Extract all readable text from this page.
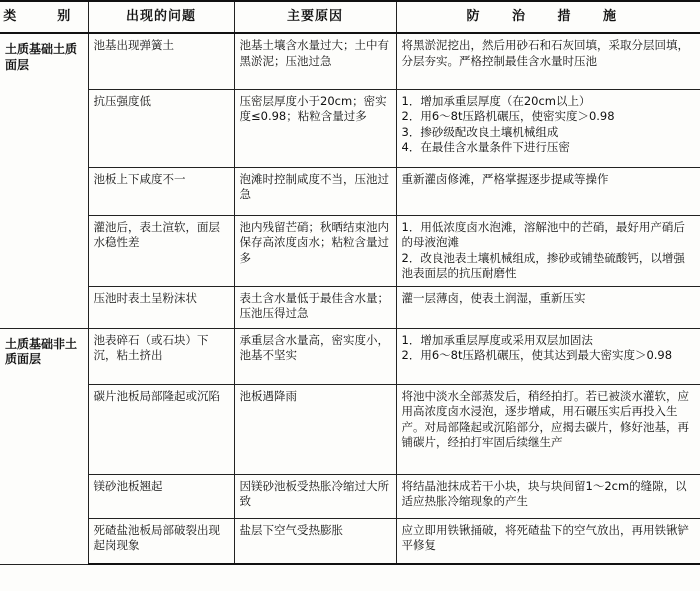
类　别	出现的问题	主要原因	防 治 措 施
土质基础土质面层	池基出现弹簧土	池基土壤含水量过大；土中有黑淤泥；压池过急	将黑淤泥挖出，然后用砂石和石灰回填，采取分层回填，分层夯实。严格控制最佳含水量时压池

	抗压强度低	压密层厚度小于20cm；密实度≤0.98；粘粒含量过多	1．增加承重层厚度（在20cm以上）
2．用6～8t压路机碾压，使密实度＞0.98
3．掺砂级配改良土壤机械组成
4．在最佳含水量条件下进行压密

	池板上下咸度不一	泡滩时控制咸度不当，压池过急	重新灌卤修滩，严格掌握逐步提咸等操作

	灌池后，表土渲软，面层水稳性差	池内残留芒硝；秋晒结束池内保存高浓度卤水；粘粒含量过多	1．用低浓度卤水泡滩，溶解池中的芒硝，最好用产硝后的母液泡滩
2．改良池表土壤机械组成，掺砂或铺垫硫酸钙，以增强池表面层的抗压耐磨性

	压池时表土呈粉沫状	表土含水量低于最佳含水量；压池压得过急	灌一层薄卤，使表土润湿，重新压实

土质基础非土质面层	池表碎石（或石块）下沉，粘土挤出	承重层含水量高，密实度小，池基不坚实	1．增加承重层厚度或采用双层加固法
2．用6～8t压路机碾压，使其达到最大密实度＞0.98

	碳片池板局部隆起或沉陷	池板遇降雨	将池中淡水全部蒸发后，稍经拍打。若已被淡水灌软，应用高浓度卤水浸泡，逐步增咸，用石碾压实后再投入生产。对局部隆起或沉陷部分，应揭去碳片，修好池基，再铺碳片，经拍打牢固后续继生产

	镁砂池板翘起	因镁砂池板受热胀冷缩过大所致	将结晶池抹成若干小块，块与块间留1～2cm的缝隙，以适应热胀冷缩现象的产生

	死碴盐池板局部破裂出现起岗现象	盐层下空气受热膨胀	应立即用铁锹捅破，将死碴盐下的空气放出，再用铁锹铲平修复
